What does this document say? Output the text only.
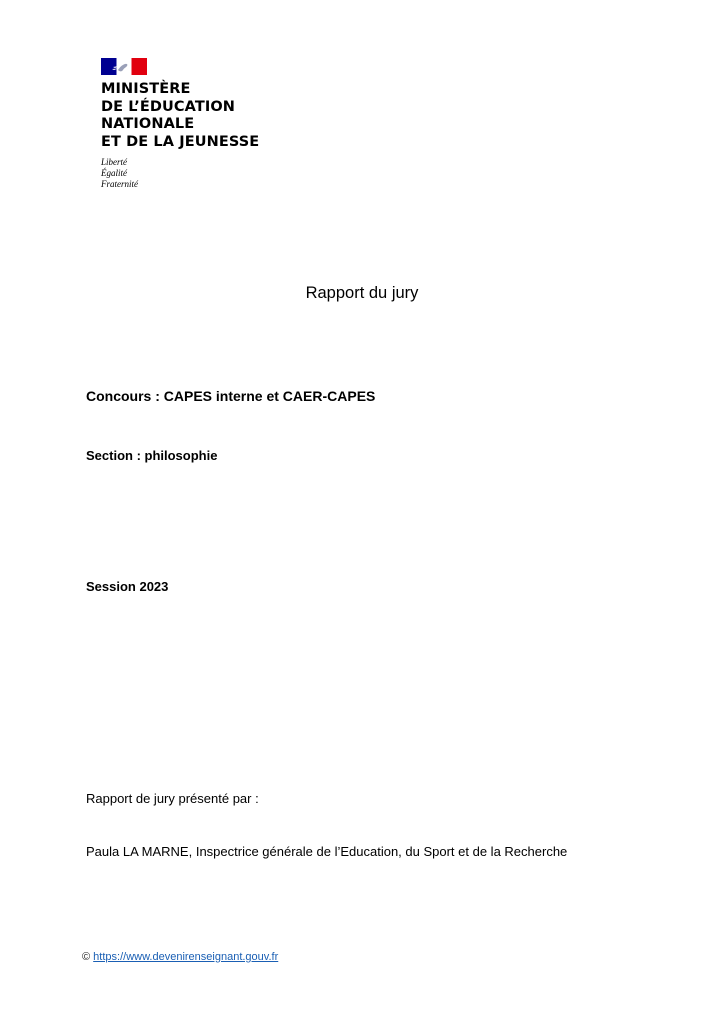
MINISTÈRE
DE L’ÉDUCATION
NATIONALE
ET DE LA JEUNESSE
Liberté
Égalité
Fraternité
Rapport du jury
Concours : CAPES interne et CAER-CAPES
Section : philosophie
Session 2023
Rapport de jury présenté par :
Paula LA MARNE, Inspectrice générale de l’Education, du Sport et de la Recherche
© https://www.devenirenseignant.gouv.fr
